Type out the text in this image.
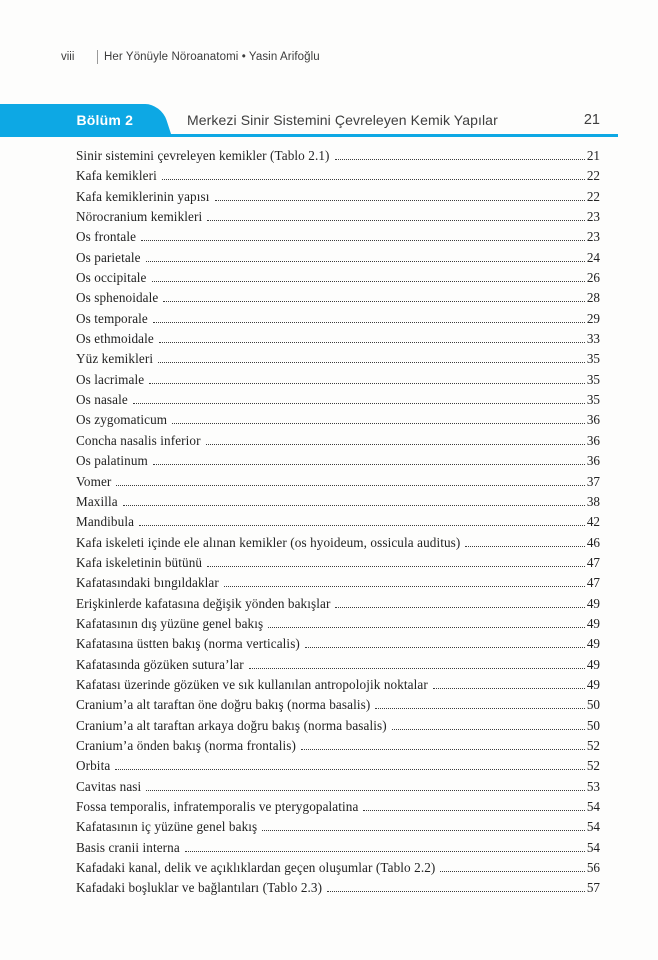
viii	Her Yönüyle Nöroanatomi • Yasin Arifoğlu
Bölüm 2	Merkezi Sinir Sistemini Çevreleyen Kemik Yapılar	21
Sinir sistemini çevreleyen kemikler (Tablo 2.1)	21
Kafa kemikleri	22
Kafa kemiklerinin yapısı	22
Nörocranium kemikleri	23
Os frontale	23
Os parietale	24
Os occipitale	26
Os sphenoidale	28
Os temporale	29
Os ethmoidale	33
Yüz kemikleri	35
Os lacrimale	35
Os nasale	35
Os zygomaticum	36
Concha nasalis inferior	36
Os palatinum	36
Vomer	37
Maxilla	38
Mandibula	42
Kafa iskeleti içinde ele alınan kemikler (os hyoideum, ossicula auditus)	46
Kafa iskeletinin bütünü	47
Kafatasındaki bıngıldaklar	47
Erişkinlerde kafatasına değişik yönden bakışlar	49
Kafatasının dış yüzüne genel bakış	49
Kafatasına üstten bakış (norma verticalis)	49
Kafatasında gözüken sutura’lar	49
Kafatası üzerinde gözüken ve sık kullanılan antropolojik noktalar	49
Cranium’a alt taraftan öne doğru bakış (norma basalis)	50
Cranium’a alt taraftan arkaya doğru bakış (norma basalis)	50
Cranium’a önden bakış (norma frontalis)	52
Orbita	52
Cavitas nasi	53
Fossa temporalis, infratemporalis ve pterygopalatina	54
Kafatasının iç yüzüne genel bakış	54
Basis cranii interna	54
Kafadaki kanal, delik ve açıklıklardan geçen oluşumlar (Tablo 2.2)	56
Kafadaki boşluklar ve bağlantıları (Tablo 2.3)	57
